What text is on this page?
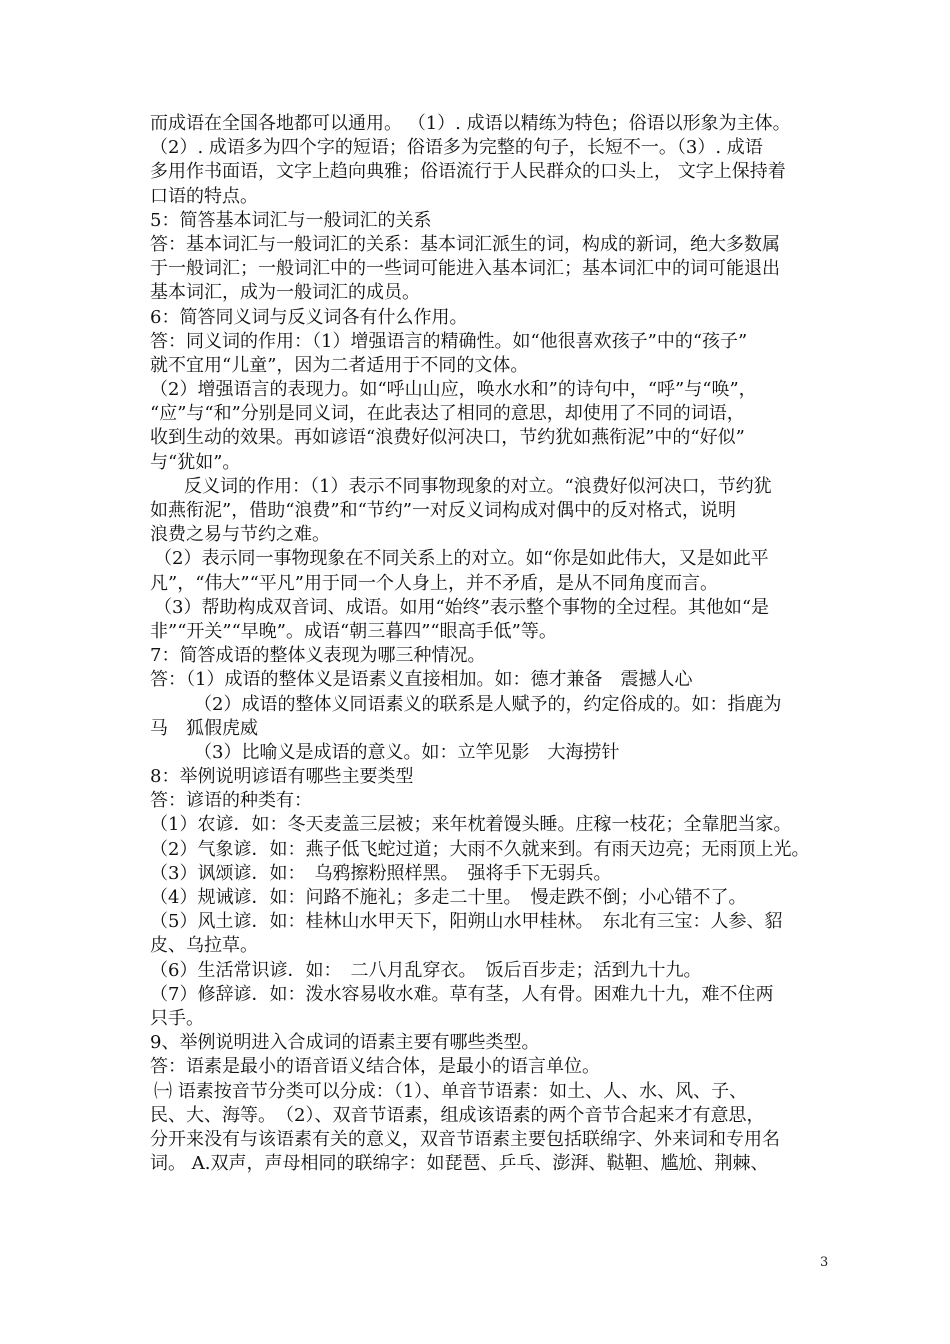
而成语在全国各地都可以通用。 （1）. 成语以精练为特色；俗语以形象为主体。
（2）. 成语多为四个字的短语；俗语多为完整的句子，长短不一。（3）. 成语
多用作书面语，文字上趋向典雅；俗语流行于人民群众的口头上， 文字上保持着
口语的特点。
5：简答基本词汇与一般词汇的关系
答：基本词汇与一般词汇的关系：基本词汇派生的词，构成的新词，绝大多数属
于一般词汇；一般词汇中的一些词可能进入基本词汇；基本词汇中的词可能退出
基本词汇，成为一般词汇的成员。
6：简答同义词与反义词各有什么作用。
答：同义词的作用：（1）增强语言的精确性。如“他很喜欢孩子”中的“孩子”
就不宜用“儿童”，因为二者适用于不同的文体。
（2）增强语言的表现力。如“呼山山应，唤水水和”的诗句中，“呼”与“唤”，
“应”与“和”分别是同义词，在此表达了相同的意思，却使用了不同的词语，
收到生动的效果。再如谚语“浪费好似河决口，节约犹如燕衔泥”中的“好似”
与“犹如”。
反义词的作用：（1）表示不同事物现象的对立。“浪费好似河决口，节约犹
如燕衔泥”，借助“浪费”和“节约”一对反义词构成对偶中的反对格式，说明
浪费之易与节约之难。
（2）表示同一事物现象在不同关系上的对立。如“你是如此伟大，又是如此平
凡”，“伟大”“平凡”用于同一个人身上，并不矛盾，是从不同角度而言。
（3）帮助构成双音词、成语。如用“始终”表示整个事物的全过程。其他如“是
非”“开关”“早晚”。成语“朝三暮四”“眼高手低”等。
7：简答成语的整体义表现为哪三种情况。
答：（1）成语的整体义是语素义直接相加。如：德才兼备　震撼人心
（2）成语的整体义同语素义的联系是人赋予的，约定俗成的。如：指鹿为
马　狐假虎威
（3）比喻义是成语的意义。如：立竿见影　大海捞针
8：举例说明谚语有哪些主要类型
答：谚语的种类有：
（1）农谚．如：冬天麦盖三层被；来年枕着馒头睡。庄稼一枝花；全靠肥当家。
（2）气象谚．如：燕子低飞蛇过道；大雨不久就来到。有雨天边亮；无雨顶上光。
（3）讽颂谚．如：　乌鸦擦粉照样黑。　强将手下无弱兵。
（4）规诫谚．如：问路不施礼；多走二十里。　慢走跌不倒；小心错不了。
（5）风土谚．如：桂林山水甲天下，阳朔山水甲桂林。　东北有三宝：人参、貂
皮、乌拉草。
（6）生活常识谚．如：　二八月乱穿衣。　饭后百步走；活到九十九。
（7）修辞谚．如：泼水容易收水难。草有茎，人有骨。困难九十九，难不住两
只手。
9、举例说明进入合成词的语素主要有哪些类型。
答：语素是最小的语音语义结合体，是最小的语言单位。
㈠ 语素按音节分类可以分成：（1）、单音节语素：如土、人、水、风、子、
民、大、海等。　（2）、双音节语素，组成该语素的两个音节合起来才有意思，
分开来没有与该语素有关的意义，双音节语素主要包括联绵字、外来词和专用名
词。 A.双声，声母相同的联绵字：如琵琶、乒乓、澎湃、鞑靼、尴尬、荆棘、
3
